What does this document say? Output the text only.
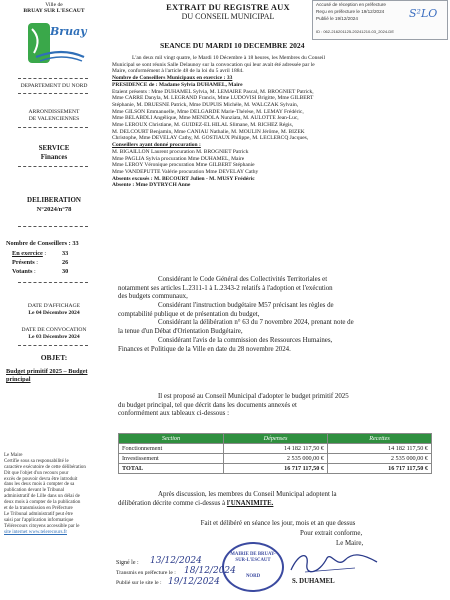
EXTRAIT DU REGISTRE AUX
DU CONSEIL MUNICIPAL
Accusé de réception en préfecture
Reçu en préfecture le 19/12/2024
Publié le 19/12/2024
ID : 062-216201125-20241210-03_2024-DE
S²LO
Ville de
BRUAY SUR L'ESCAUT
Bruay
DEPARTEMENT DU NORD
ARRONDISSEMENT
DE VALENCIENNES
SERVICE
Finances
DELIBERATION
N°2024/n°78
Nombre de Conseillers : 33
En exercice :	33
Présents :	26
Votants :	30
DATE D'AFFICHAGE
Le 04 Décembre 2024
DATE DE CONVOCATION
Le 03 Décembre 2024
OBJET:
Budget primitif 2025 – Budget principal
Le Maire
Certifie sous sa responsabilité le
caractère exécutoire de cette délibération
Dit que l'objet d'un recours pour
excès de pouvoir devra être introduit
dans les deux mois à compter de sa
publication devant le Tribunal
administratif de Lille dans un délai de
deux mois à compter de la publication
et de la transmission en Préfecture
Le Tribunal administratif peut être
saisi par l'application informatique
Télérecours citoyens accessible par le
site internet www.telerecours.fr
SEANCE DU MARDI 10 DECEMBRE 2024
L'an deux mil vingt quatre, le Mardi 10 Décembre à 18 heures, les Membres du Conseil
Municipal se sont réunis Salle Delaunoy sur la convocation qui leur avait été adressée par le
Maire, conformément à l'article 48 de la loi du 5 avril 1884.
Nombre de Conseillers Municipaux en exercice : 33
PRESIDENCE de : Madame Sylvia DUHAMEL, Maire
Etaient présents : Mme DUHAMEL Sylvia, M. LEMAIRE Pascal, M. BROGNIET Patrick,
Mme CARRE Danyla, M. LEGRAND Francis, Mme LUDOVISI Brigitte, Mme GILBERT
Stéphanie, M. DRUESNE Patrick, Mme DUPUIS Michèle, M. WALCZAK Sylvain,
Mme GILSON Emmanuelle, Mme DELGARDE Marie-Thérèse, M. LEMAY Frédéric,
Mme BELABDLI Angélique, Mme MENDOLA Nunziata, M. AULOTTE Jean-Luc,
Mme LEROUX Christiane, M. GUIDEZ-EL HILAL Slimane, M. RICHEZ Régis,
M. DELCOURT Benjamin, Mme CANIAU Nathalie, M. MOULIN Jérôme, M. BIZEK
Christophe, Mme DEVELAY Cathy, M. GOSTIAUX Philippe, M. LECLERCQ Jacques,
Conseillers ayant donné procuration :
M. BIGAILLON Laurent procuration M. BROGNIET Patrick
Mme PAGLIA Sylvia procuration Mme DUHAMEL, Maire
Mme LEROY Véronique procuration Mme GILBERT Stéphanie
Mme VANDEPUTTE Valérie procuration Mme DEVELAY Cathy
Absents excusés : M. BECOURT Julien - M. MUSY Frédéric
Absente : Mme DYTRYCH Anne
Considérant le Code Général des Collectivités Territoriales et
notamment ses articles L.2311-1 à L.2343-2 relatifs à l'adoption et l'exécution
des budgets communaux,
Considérant l'instruction budgétaire M57 précisant les règles de
comptabilité publique et de présentation du budget,
Considérant la délibération n° 63 du 7 novembre 2024, prenant note de
la tenue d'un Débat d'Orientation Budgétaire,
Considérant l'avis de la commission des Ressources Humaines,
Finances et Politique de la Ville en date du 28 novembre 2024.
Il est proposé au Conseil Municipal d'adopter le budget primitif 2025
du budget principal, tel que décrit dans les documents annexés et
conformément aux tableaux ci-dessous :
Section	Dépenses	Recettes
Fonctionnement	14 182 117,50 €	14 182 117,50 €
Investissement	2 535 000,00 €	2 535 000,00 €
TOTAL	16 717 117,50 €	16 717 117,50 €
Après discussion, les membres du Conseil Municipal adoptent la
délibération décrite comme ci-dessus à l'UNANIMITE.
Fait et délibéré en séance les jour, mois et an que dessus
Pour extrait conforme,
Le Maire,
MAIRIE DE BRUAY-SUR-L'ESCAUT
NORD
S. DUHAMEL
Signé le : 13/12/2024
Transmis en préfecture le : 18/12/2024
Publié sur le site le : 19/12/2024
